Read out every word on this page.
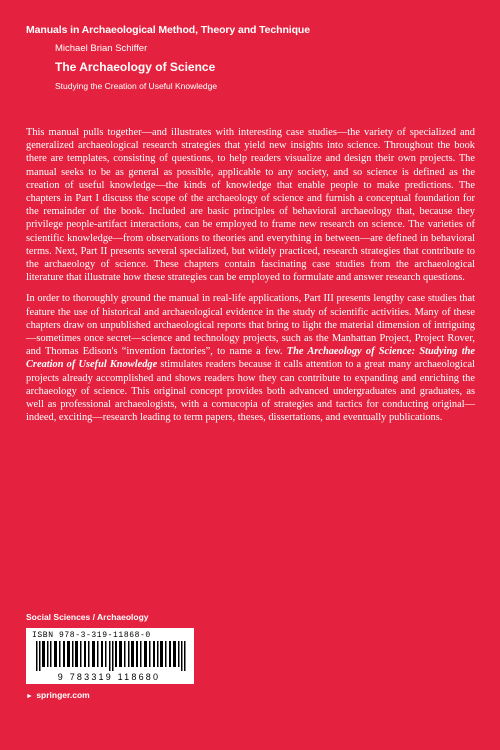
Manuals in Archaeological Method, Theory and Technique
Michael Brian Schiffer
The Archaeology of Science
Studying the Creation of Useful Knowledge

This manual pulls together—and illustrates with interesting case studies—the variety of specialized and generalized archaeological research strategies that yield new insights into science. Throughout the book there are templates, consisting of questions, to help readers visualize and design their own projects. The manual seeks to be as general as possible, applicable to any society, and so science is defined as the creation of useful knowledge—the kinds of knowledge that enable people to make predictions. The chapters in Part I discuss the scope of the archaeology of science and furnish a conceptual foundation for the remainder of the book. Included are basic principles of behavioral archaeology that, because they privilege people-artifact interactions, can be employed to frame new research on science. The varieties of scientific knowledge—from observations to theories and everything in between—are defined in behavioral terms. Next, Part II presents several specialized, but widely practiced, research strategies that contribute to the archaeology of science. These chapters contain fascinating case studies from the archaeological literature that illustrate how these strategies can be employed to formulate and answer research questions.

In order to thoroughly ground the manual in real-life applications, Part III presents lengthy case studies that feature the use of historical and archaeological evidence in the study of scientific activities. Many of these chapters draw on unpublished archaeological reports that bring to light the material dimension of intriguing—sometimes once secret—science and technology projects, such as the Manhattan Project, Project Rover, and Thomas Edison's “invention factories”, to name a few. The Archaeology of Science: Studying the Creation of Useful Knowledge stimulates readers because it calls attention to a great many archaeological projects already accomplished and shows readers how they can contribute to expanding and enriching the archaeology of science. This original concept provides both advanced undergraduates and graduates, as well as professional archaeologists, with a cornucopia of strategies and tactics for conducting original—indeed, exciting—research leading to term papers, theses, dissertations, and eventually publications.

Social Sciences / Archaeology
ISBN 978-3-319-11868-0
9 783319 118680
► springer.com
